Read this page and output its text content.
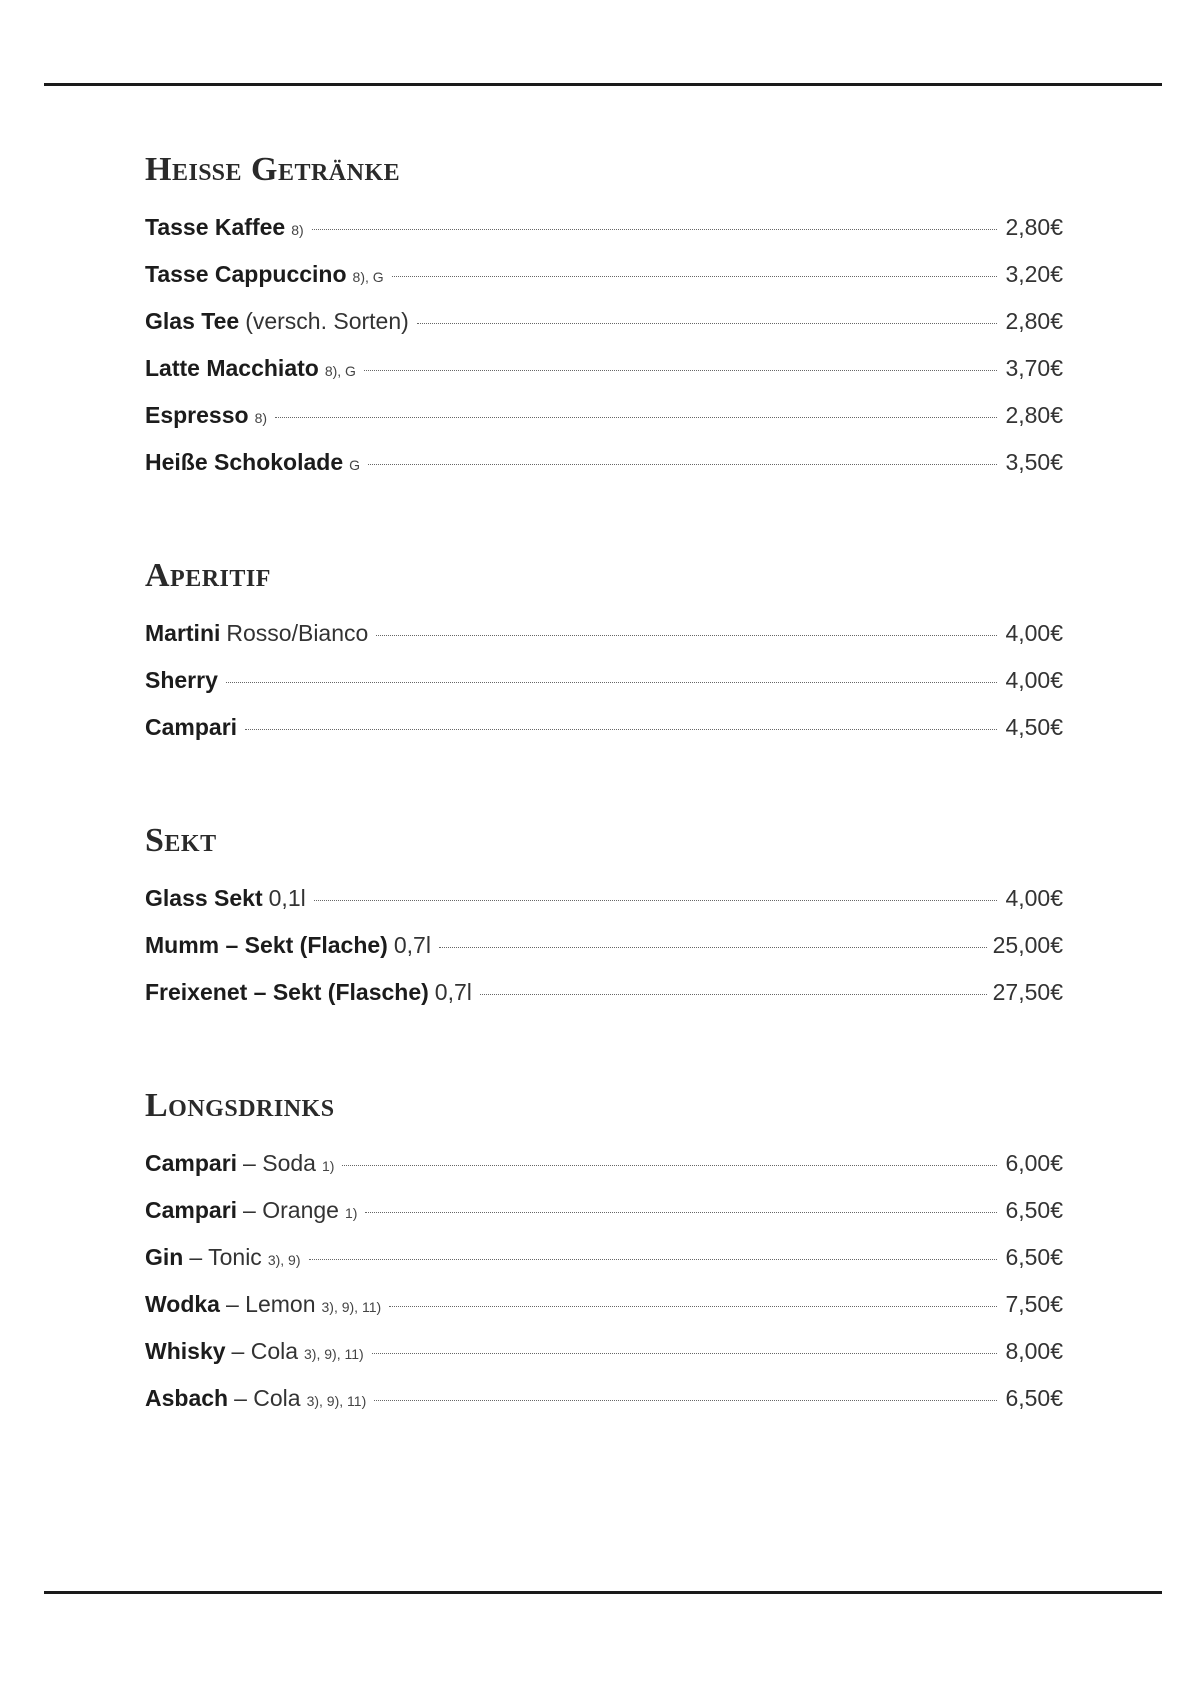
Heiße Getränke
Tasse Kaffee 8)	2,80€
Tasse Cappuccino 8), G	3,20€
Glas Tee (versch. Sorten)	2,80€
Latte Macchiato 8), G	3,70€
Espresso 8)	2,80€
Heiße Schokolade G	3,50€
Aperitif
Martini Rosso/Bianco	4,00€
Sherry	4,00€
Campari	4,50€
Sekt
Glass Sekt 0,1l	4,00€
Mumm – Sekt (Flache) 0,7l	25,00€
Freixenet – Sekt (Flasche) 0,7l	27,50€
Longsdrinks
Campari – Soda 1)	6,00€
Campari – Orange 1)	6,50€
Gin – Tonic 3), 9)	6,50€
Wodka – Lemon 3), 9), 11)	7,50€
Whisky – Cola 3), 9), 11)	8,00€
Asbach – Cola 3), 9), 11)	6,50€
